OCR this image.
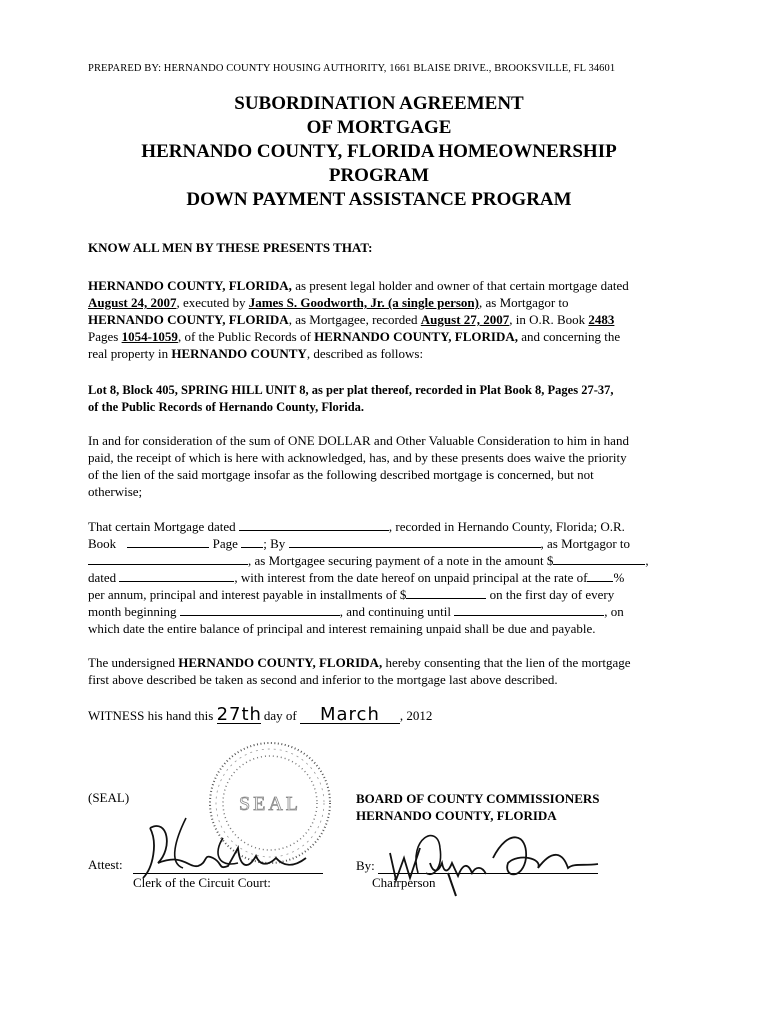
PREPARED BY: HERNANDO COUNTY HOUSING AUTHORITY, 1661 BLAISE DRIVE., BROOKSVILLE, FL 34601
SUBORDINATION AGREEMENT
OF MORTGAGE
HERNANDO COUNTY, FLORIDA HOMEOWNERSHIP
PROGRAM
DOWN PAYMENT ASSISTANCE PROGRAM
KNOW ALL MEN BY THESE PRESENTS THAT:
HERNANDO COUNTY, FLORIDA, as present legal holder and owner of that certain mortgage dated
August 24, 2007, executed by James S. Goodworth, Jr. (a single person), as Mortgagor to
HERNANDO COUNTY, FLORIDA, as Mortgagee, recorded August 27, 2007, in O.R. Book 2483
Pages 1054-1059, of the Public Records of HERNANDO COUNTY, FLORIDA, and concerning the
real property in HERNANDO COUNTY, described as follows:
Lot 8, Block 405, SPRING HILL UNIT 8, as per plat thereof, recorded in Plat Book 8, Pages 27-37,
of the Public Records of Hernando County, Florida.
In and for consideration of the sum of ONE DOLLAR and Other Valuable Consideration to him in hand
paid, the receipt of which is here with acknowledged, has, and by these presents does waive the priority
of the lien of the said mortgage insofar as the following described mortgage is concerned, but not
otherwise;
That certain Mortgage dated	, recorded in Hernando County, Florida; O.R.
Book	Page ; By	, as Mortgagor to
, as Mortgagee securing payment of a note in the amount $	,
dated	, with interest from the date hereof on unpaid principal at the rate of %
per annum, principal and interest payable in installments of $	on the first day of every
month beginning	, and continuing until	, on
which date the entire balance of principal and interest remaining unpaid shall be due and payable.
The undersigned HERNANDO COUNTY, FLORIDA, hereby consenting that the lien of the mortgage
first above described be taken as second and inferior to the mortgage last above described.
WITNESS his hand this 27th day of March , 2012
SEAL
(SEAL)	BOARD OF COUNTY COMMISSIONERS
HERNANDO COUNTY, FLORIDA
Attest:
Clerk of the Circuit Court:
By:
Chairperson
